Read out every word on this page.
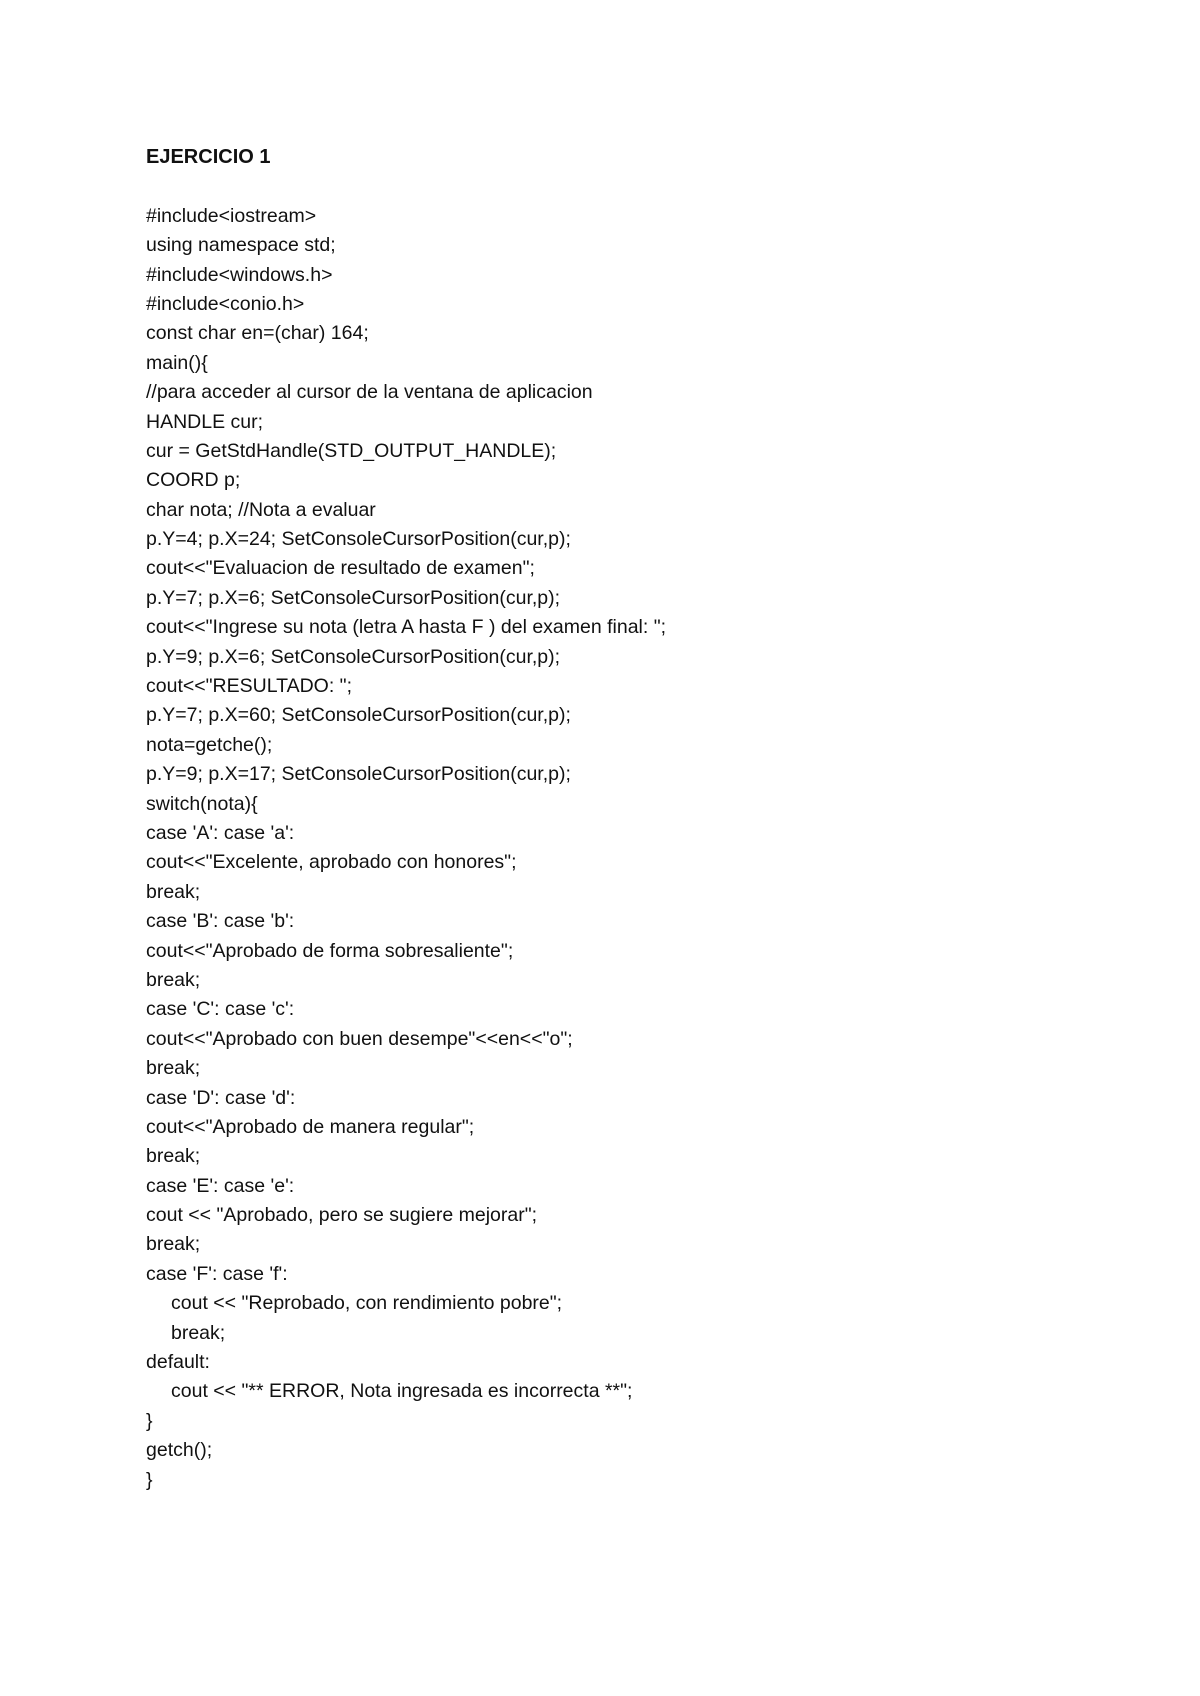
EJERCICIO 1
#include<iostream>
using namespace std;
#include<windows.h>
#include<conio.h>
const char en=(char) 164;
main(){
//para acceder al cursor de la ventana de aplicacion
HANDLE cur;
cur = GetStdHandle(STD_OUTPUT_HANDLE);
COORD p;
char nota; //Nota a evaluar
p.Y=4; p.X=24; SetConsoleCursorPosition(cur,p);
cout<<"Evaluacion de resultado de examen";
p.Y=7; p.X=6; SetConsoleCursorPosition(cur,p);
cout<<"Ingrese su nota (letra A hasta F ) del examen final: ";
p.Y=9; p.X=6; SetConsoleCursorPosition(cur,p);
cout<<"RESULTADO: ";
p.Y=7; p.X=60; SetConsoleCursorPosition(cur,p);
nota=getche();
p.Y=9; p.X=17; SetConsoleCursorPosition(cur,p);
switch(nota){
case 'A': case 'a':
cout<<"Excelente, aprobado con honores";
break;
case 'B': case 'b':
cout<<"Aprobado de forma sobresaliente";
break;
case 'C': case 'c':
cout<<"Aprobado con buen desempe"<<en<<"o";
break;
case 'D': case 'd':
cout<<"Aprobado de manera regular";
break;
case 'E': case 'e':
cout << "Aprobado, pero se sugiere mejorar";
break;
case 'F': case 'f':
cout << "Reprobado, con rendimiento pobre";
break;
default:
cout << "** ERROR, Nota ingresada es incorrecta **";
}
getch();
}
